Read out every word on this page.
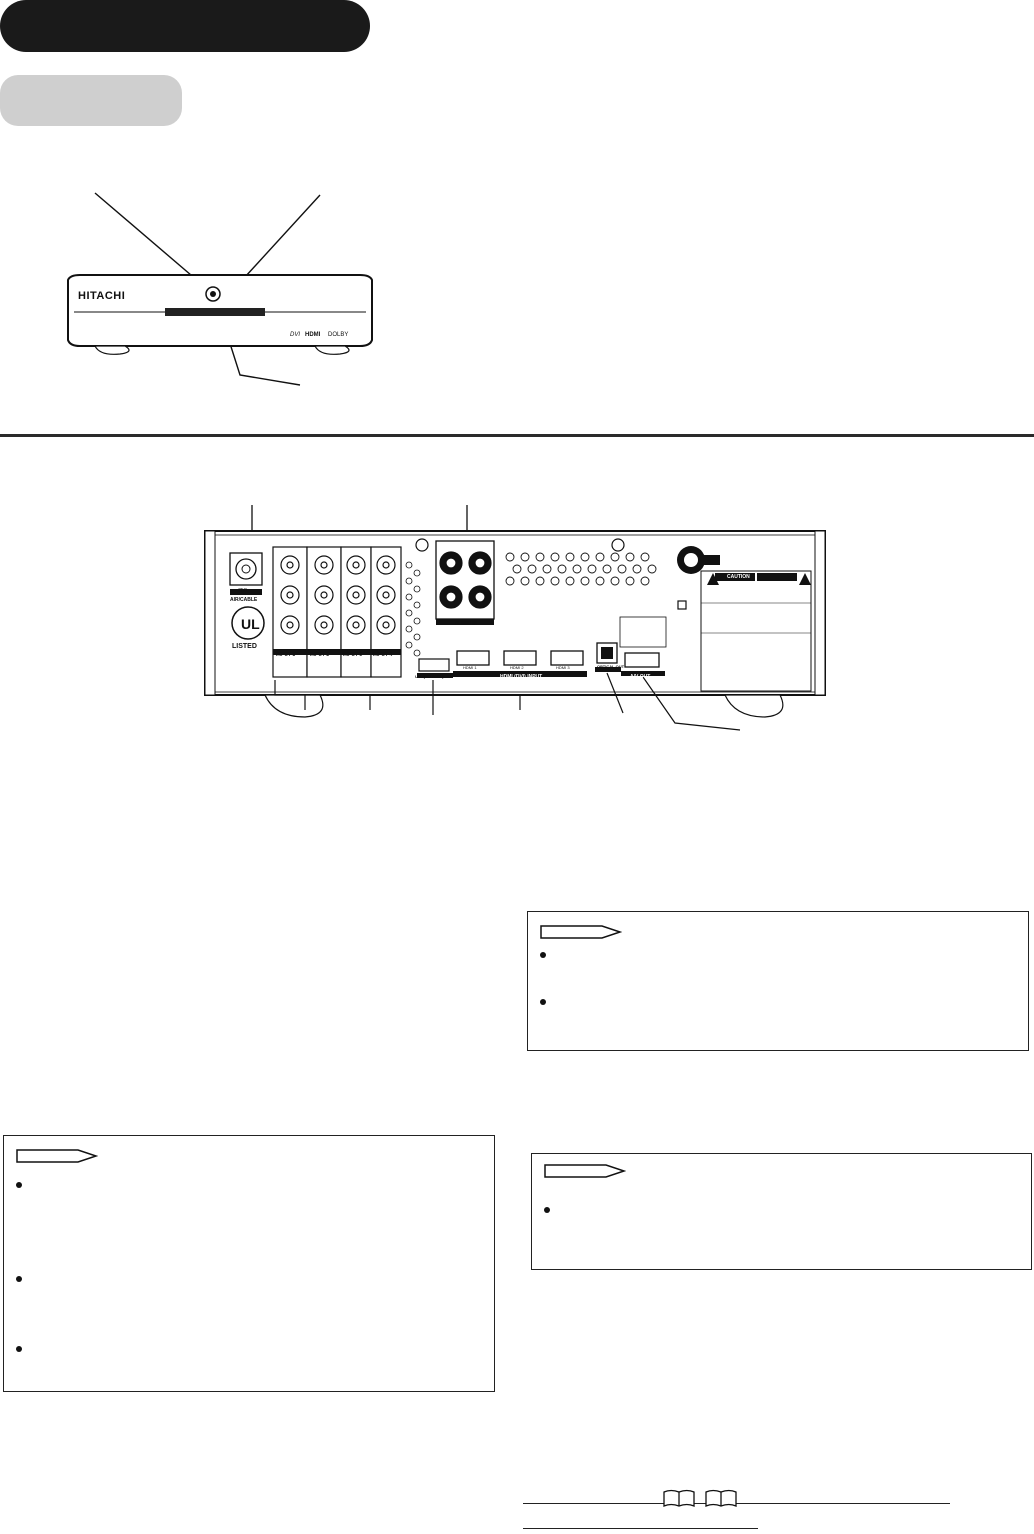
DVI HDMI DOLBY
HITACHI
UL
75Ω
AIR/CABLE
LISTED
INPUT 1	INPUT 2	INPUT 3 INPUT 4
AUDIO IN
USB(SERVICE)
HDMI 1	HDMI 2	HDMI 3
HDMI (DVI) INPUT
OPTICAL OUT
A/V OUT
CAUTION
